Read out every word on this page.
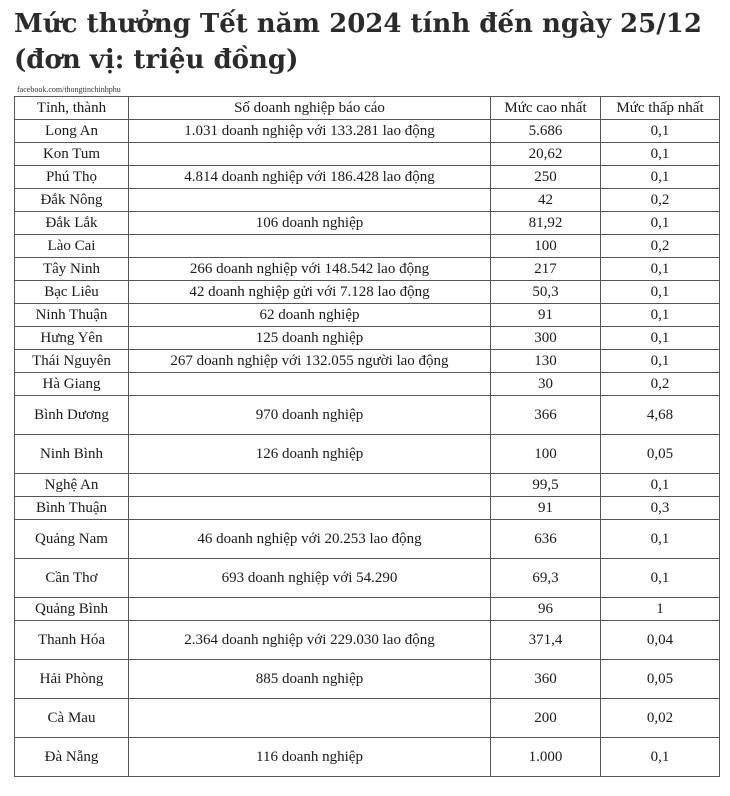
Mức thưởng Tết năm 2024 tính đến ngày 25/12 (đơn vị: triệu đồng)
facebook.com/thongtinchinhphu
Tỉnh, thành	Số doanh nghiệp báo cáo	Mức cao nhất	Mức thấp nhất
Long An	1.031 doanh nghiệp với 133.281 lao động	5.686	0,1
Kon Tum		20,62	0,1
Phú Thọ	4.814 doanh nghiệp với 186.428 lao động	250	0,1
Đắk Nông		42	0,2
Đắk Lắk	106 doanh nghiệp	81,92	0,1
Lào Cai		100	0,2
Tây Ninh	266 doanh nghiệp với 148.542 lao động	217	0,1
Bạc Liêu	42 doanh nghiệp gửi với 7.128 lao động	50,3	0,1
Ninh Thuận	62 doanh nghiệp	91	0,1
Hưng Yên	125 doanh nghiệp	300	0,1
Thái Nguyên	267 doanh nghiệp với 132.055 người lao động	130	0,1
Hà Giang		30	0,2
Bình Dương	970 doanh nghiệp	366	4,68
Ninh Bình	126 doanh nghiệp	100	0,05
Nghệ An		99,5	0,1
Bình Thuận		91	0,3
Quảng Nam	46 doanh nghiệp với 20.253 lao động	636	0,1
Cần Thơ	693 doanh nghiệp với 54.290	69,3	0,1
Quảng Bình		96	1
Thanh Hóa	2.364 doanh nghiệp với 229.030 lao động	371,4	0,04
Hải Phòng	885 doanh nghiệp	360	0,05
Cà Mau		200	0,02
Đà Nẵng	116 doanh nghiệp	1.000	0,1
